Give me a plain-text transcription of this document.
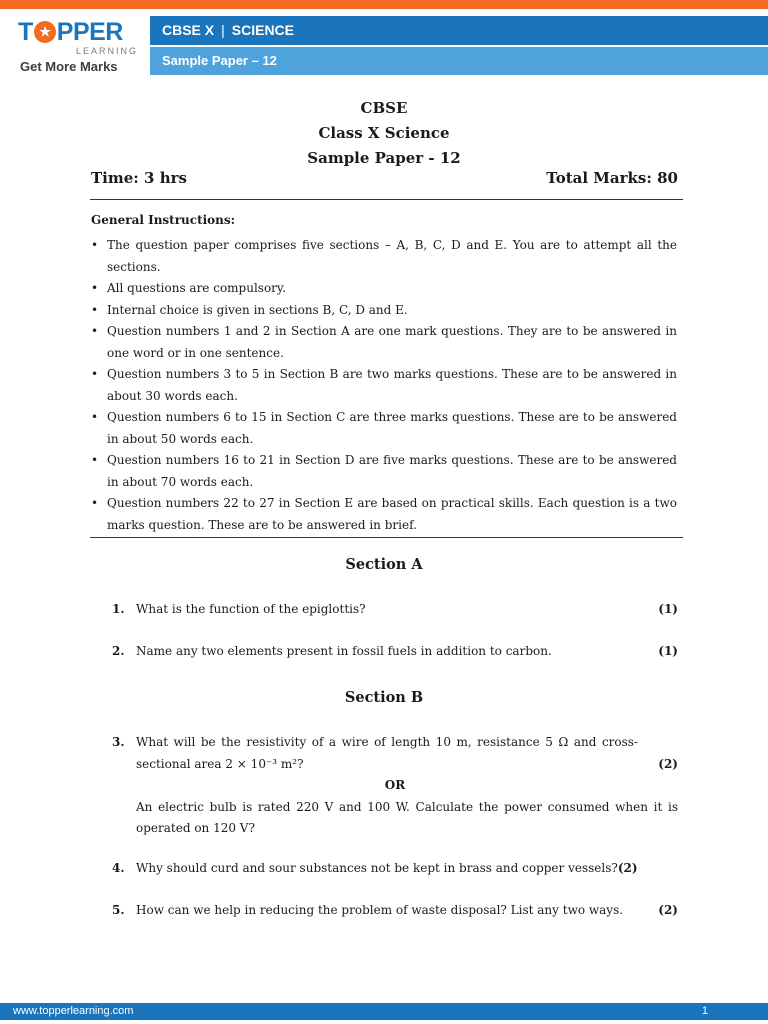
T★ PPER
LEARNING
Get More Marks
CBSE X | SCIENCE
Sample Paper – 12
CBSE
Class X Science
Sample Paper - 12
Time: 3 hrs	Total Marks: 80
General Instructions:
• The question paper comprises five sections – A, B, C, D and E. You are to attempt all the sections.
• All questions are compulsory.
• Internal choice is given in sections B, C, D and E.
• Question numbers 1 and 2 in Section A are one mark questions. They are to be answered in one word or in one sentence.
• Question numbers 3 to 5 in Section B are two marks questions. These are to be answered in about 30 words each.
• Question numbers 6 to 15 in Section C are three marks questions. These are to be answered in about 50 words each.
• Question numbers 16 to 21 in Section D are five marks questions. These are to be answered in about 70 words each.
• Question numbers 22 to 27 in Section E are based on practical skills. Each question is a two marks question. These are to be answered in brief.
Section A
1. What is the function of the epiglottis?	(1)
2. Name any two elements present in fossil fuels in addition to carbon.	(1)
Section B
3. What will be the resistivity of a wire of length 10 m, resistance 5 Ω and cross-sectional area 2 × 10⁻³ m²?	(2)
OR
An electric bulb is rated 220 V and 100 W. Calculate the power consumed when it is operated on 120 V?
4. Why should curd and sour substances not be kept in brass and copper vessels?(2)
5. How can we help in reducing the problem of waste disposal? List any two ways.	(2)
www.topperlearning.com	1
